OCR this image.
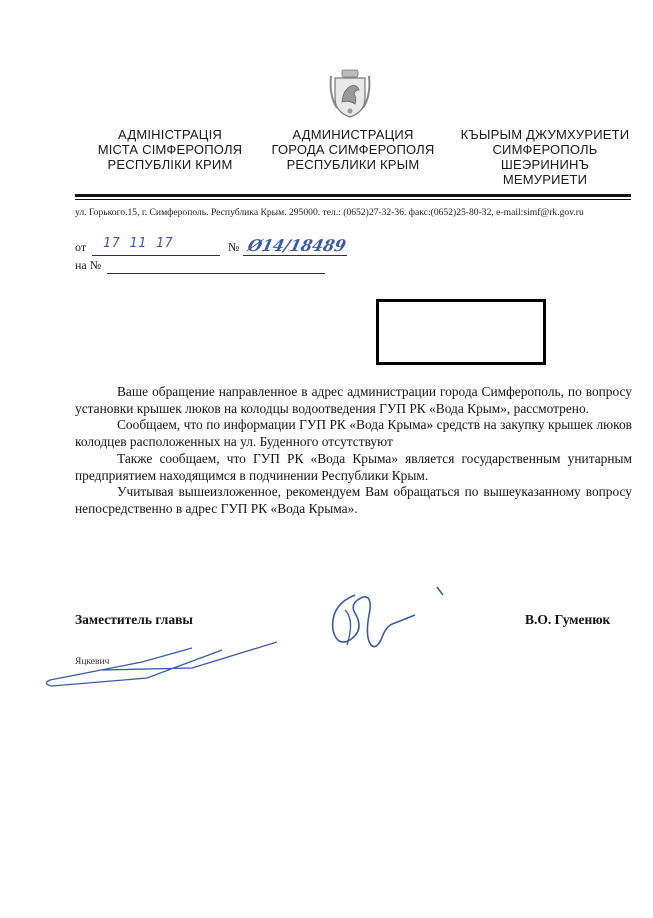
АДМІНІСТРАЦІЯ
МІСТА СІМФЕРОПОЛЯ
РЕСПУБЛІКИ КРИМ
АДМИНИСТРАЦИЯ
ГОРОДА СИМФЕРОПОЛЯ
РЕСПУБЛИКИ КРЫМ
КЪЫРЫМ ДЖУМХУРИЕТИ
СИМФЕРОПОЛЬ
ШЕЭРИНИНЪ
МЕМУРИЕТИ
ул. Горького.15, г. Симферополь. Республика Крым. 295000. тел.: (0652)27-32-36. факс:(0652)25-80-32, e-mail:simf@rk.gov.ru
от 17 11 17	№ Ø14/18489
на №

Ваше обращение направленное в адрес администрации города Симферополь, по вопросу установки крышек люков на колодцы водоотведения ГУП РК «Вода Крым», рассмотрено.

Сообщаем, что по информации ГУП РК «Вода Крыма» средств на закупку крышек люков колодцев расположенных на ул. Буденного отсутствуют

Также сообщаем, что ГУП РК «Вода Крыма» является государственным унитарным предприятием находящимся в подчинении Республики Крым.

Учитывая вышеизложенное, рекомендуем Вам обращаться по вышеуказанному вопросу непосредственно в адрес ГУП РК «Вода Крыма».

Заместитель главы	В.О. Гуменюк
Яцкевич
